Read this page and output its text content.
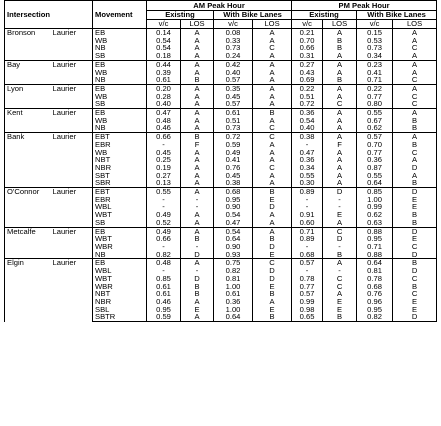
Intersection		Movement	AM Peak Hour				PM Peak Hour			
			Existing		With Bike Lanes		Existing		With Bike Lanes	
			v/c	LOS	v/c	LOS	v/c	LOS	v/c	LOS
Bronson	Laurier	EB	0.14	A	0.08	A	0.21	A	0.15	A
		WB	0.54	A	0.33	A	0.70	B	0.53	A
		NB	0.54	A	0.73	C	0.66	B	0.73	C
		SB	0.18	A	0.24	A	0.31	A	0.34	A
Bay	Laurier	EB	0.44	A	0.42	A	0.27	A	0.23	A
		WB	0.39	A	0.40	A	0.43	A	0.41	A
		NB	0.61	B	0.57	A	0.69	B	0.71	C
Lyon	Laurier	EB	0.20	A	0.35	A	0.22	A	0.22	A
		WB	0.28	A	0.45	A	0.51	A	0.77	C
		SB	0.40	A	0.57	A	0.72	C	0.80	C
Kent	Laurier	EB	0.47	A	0.61	B	0.36	A	0.55	A
		WB	0.48	A	0.51	A	0.54	A	0.67	B
		NB	0.46	A	0.73	C	0.40	A	0.62	B
Bank	Laurier	EBT	0.66	B	0.72	C	0.38	A	0.57	A
		EBR	-	F	0.59	A	-	F	0.70	B
		WB	0.45	A	0.49	A	0.47	A	0.77	C
		NBT	0.25	A	0.41	A	0.36	A	0.36	A
		NBR	0.19	A	0.76	C	0.34	A	0.87	D
		SBT	0.27	A	0.45	A	0.55	A	0.55	A
		SBR	0.13	A	0.38	A	0.30	A	0.64	B
O'Connor	Laurier	EBT	0.55	A	0.68	B	0.89	D	0.85	D
		EBR	-	-	0.95	E	-	-	1.00	E
		WBL	-	-	0.90	D	-	-	0.99	E
		WBT	0.49	A	0.54	A	0.91	E	0.62	B
		SB	0.52	A	0.47	A	0.60	A	0.63	B
Metcalfe	Laurier	EB	0.49	A	0.54	A	0.71	C	0.88	D
		WBT	0.66	B	0.64	B	0.89	D	0.95	E
		WBR	-	-	0.90	D	-	-	0.71	C
		NB	0.82	D	0.93	E	0.68	B	0.88	D
Elgin	Laurier	EB	0.48	A	0.75	C	0.57	A	0.64	B
		WBL	-	-	0.82	D	-	-	0.81	D
		WBT	0.85	D	0.81	D	0.78	C	0.78	C
		WBR	0.61	B	1.00	E	0.77	C	0.68	B
		NBT	0.61	B	0.61	B	0.57	A	0.76	C
		NBR	0.46	A	0.36	A	0.99	E	0.96	E
		SBL	0.95	E	1.00	E	0.98	E	0.95	E
		SBTR	0.59	A	0.64	B	0.65	B	0.82	D
